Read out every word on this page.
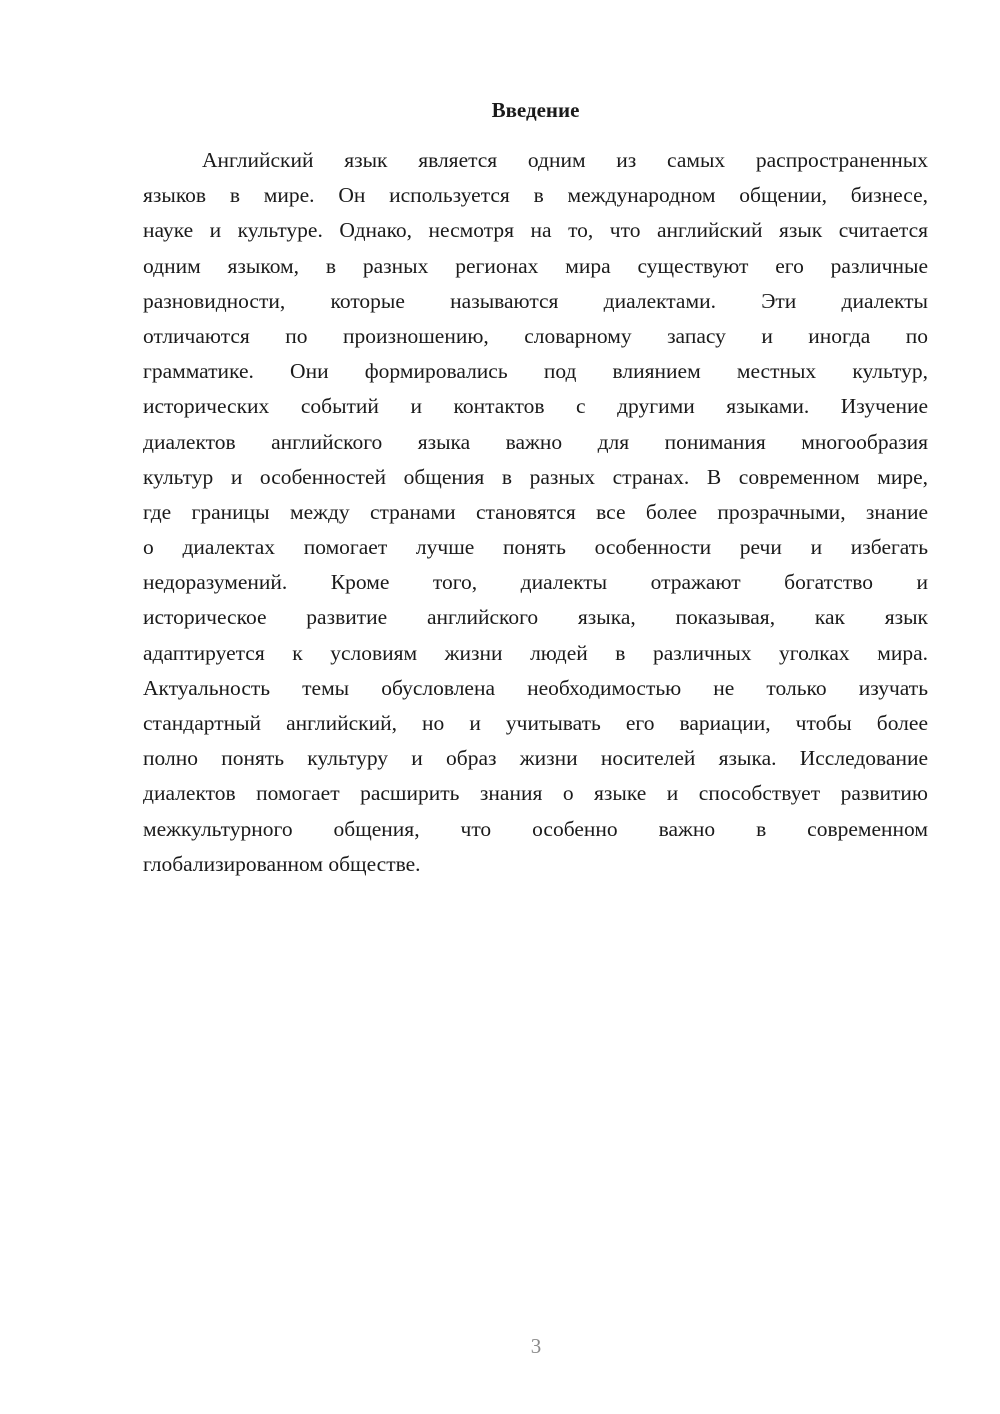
Введение
Английский язык является одним из самых распространенных
языков в мире. Он используется в международном общении, бизнесе,
науке и культуре. Однако, несмотря на то, что английский язык считается
одним языком, в разных регионах мира существуют его различные
разновидности, которые называются диалектами. Эти диалекты
отличаются по произношению, словарному запасу и иногда по
грамматике. Они формировались под влиянием местных культур,
исторических событий и контактов с другими языками. Изучение
диалектов английского языка важно для понимания многообразия
культур и особенностей общения в разных странах. В современном мире,
где границы между странами становятся все более прозрачными, знание
о диалектах помогает лучше понять особенности речи и избегать
недоразумений. Кроме того, диалекты отражают богатство и
историческое развитие английского языка, показывая, как язык
адаптируется к условиям жизни людей в различных уголках мира.
Актуальность темы обусловлена необходимостью не только изучать
стандартный английский, но и учитывать его вариации, чтобы более
полно понять культуру и образ жизни носителей языка. Исследование
диалектов помогает расширить знания о языке и способствует развитию
межкультурного общения, что особенно важно в современном
глобализированном обществе.
3
